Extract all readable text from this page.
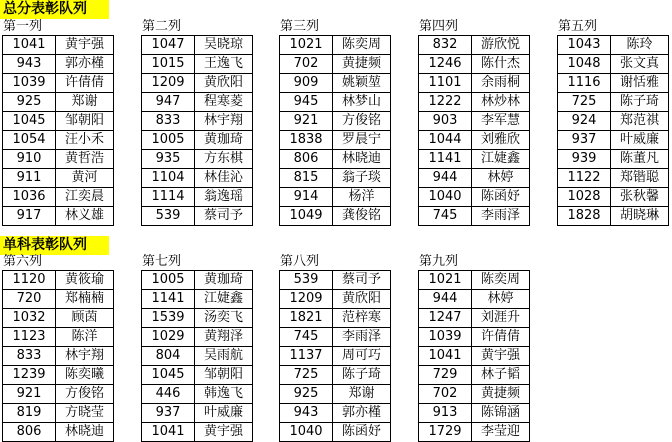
总分表彰队列
第一列
1041	黄宇强
943	郭亦槿
1039	许倩倩
925	郑谢
1045	邹朝阳
1054	汪小禾
910	黄哲浩
911	黄河
1036	江奕晨
917	林义雄
第二列
1047	吴晓琼
1015	王逸飞
1209	黄欣阳
947	程寒菱
833	林宇翔
1005	黄珈琦
935	方东棋
1104	林佳沁
1114	翁逸瑶
539	蔡司予
第三列
1021	陈奕周
702	黄捷频
909	姚颖堃
945	林梦山
921	方俊铭
1838	罗晨宁
806	林晓迪
815	翁子琰
914	杨洋
1049	龚俊铭
第四列
832	游欣悦
1246	陈什杰
1101	余雨桐
1222	林炒林
903	李军慧
1044	刘雅欣
1141	江婕鑫
944	林婷
1040	陈函妤
745	李雨泽
第五列
1043	陈玲
1048	张文真
1116	谢恬雅
725	陈子琦
924	郑范祺
937	叶威廉
939	陈董凡
1122	郑锴聪
1028	张秋馨
1828	胡晓琳
单科表彰队列
第六列
1120	黄筱瑜
720	郑楠楠
1032	顾茵
1123	陈洋
833	林宇翔
1239	陈奕曦
921	方俊铭
819	方晓莹
806	林晓迪
第七列
1005	黄珈琦
1141	江婕鑫
1539	汤奕飞
1029	黄翔泽
804	吴雨航
1045	邹朝阳
446	韩逸飞
937	叶威廉
1041	黄宇强
第八列
539	蔡司予
1209	黄欣阳
1821	范梓寒
745	李雨泽
1137	周可巧
725	陈子琦
925	郑谢
943	郭亦槿
1040	陈函妤
第九列
1021	陈奕周
944	林婷
1247	刘涯升
1039	许倩倩
1041	黄宇强
729	林子韬
702	黄捷频
913	陈锦涵
1729	李莹迎
